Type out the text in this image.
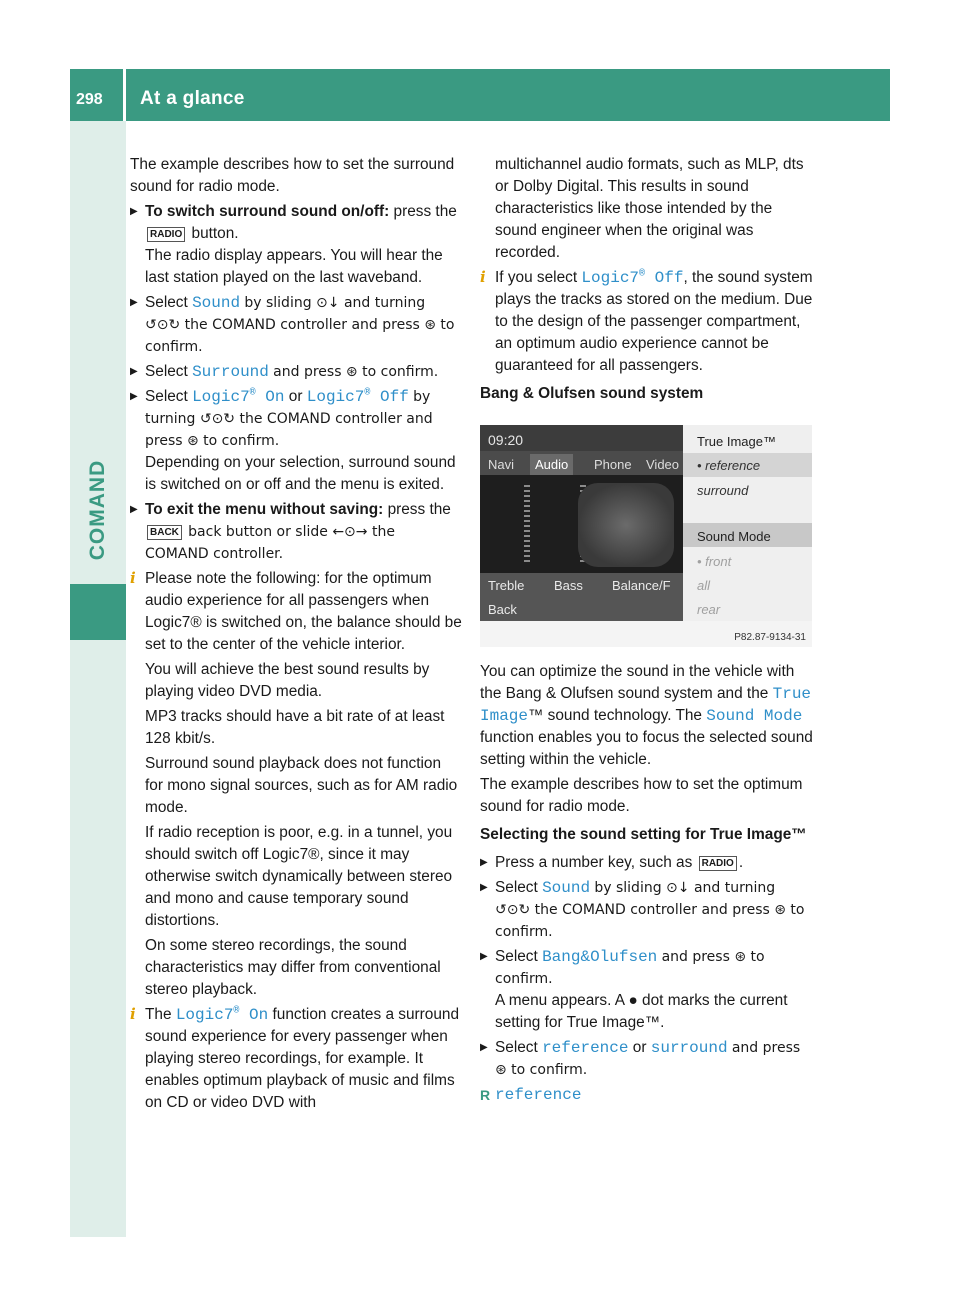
298 At a glance
COMAND

The example describes how to set the surround sound for radio mode.

▶ To switch surround sound on/off: press the RADIO button.
The radio display appears. You will hear the last station played on the last waveband.
▶ Select Sound by sliding ⊙↓ and turning ↺⊙↻ the COMAND controller and press ⊛ to confirm.
▶ Select Surround and press ⊛ to confirm.
▶ Select Logic7® On or Logic7® Off by turning ↺⊙↻ the COMAND controller and press ⊛ to confirm.
Depending on your selection, surround sound is switched on or off and the menu is exited.
▶ To exit the menu without saving: press the BACK back button or slide ←⊙→ the COMAND controller.
i Please note the following: for the optimum audio experience for all passengers when Logic7® is switched on, the balance should be set to the center of the vehicle interior.

You will achieve the best sound results by playing video DVD media.

MP3 tracks should have a bit rate of at least 128 kbit/s.

Surround sound playback does not function for mono signal sources, such as for AM radio mode.

If radio reception is poor, e.g. in a tunnel, you should switch off Logic7®, since it may otherwise switch dynamically between stereo and mono and cause temporary sound distortions.

On some stereo recordings, the sound characteristics may differ from conventional stereo playback.

i The Logic7® On function creates a surround sound experience for every passenger when playing stereo recordings, for example. It enables optimum playback of music and films on CD or video DVD with

multichannel audio formats, such as MLP, dts or Dolby Digital. This results in sound characteristics like those intended by the sound engineer when the original was recorded.

i If you select Logic7® Off, the sound system plays the tracks as stored on the medium. Due to the design of the passenger compartment, an optimum audio experience cannot be guaranteed for all passengers.
Bang & Olufsen sound system
09:20
Navi	Audio	Phone Video
Treble Bass Balance/F
Back
True Image™
• reference
surround
Sound Mode
• front
all
rear
P82.87-9134-31

You can optimize the sound in the vehicle with the Bang & Olufsen sound system and the True Image™ sound technology. The Sound Mode function enables you to focus the selected sound setting within the vehicle.

The example describes how to set the optimum sound for radio mode.

Selecting the sound setting for True Image™
▶ Press a number key, such as RADIO .
▶ Select Sound by sliding ⊙↓ and turning ↺⊙↻ the COMAND controller and press ⊛ to confirm.
▶ Select Bang&Olufsen and press ⊛ to confirm.
A menu appears. A ● dot marks the current setting for True Image™.
▶ Select reference or surround and press ⊛ to confirm.
R reference
